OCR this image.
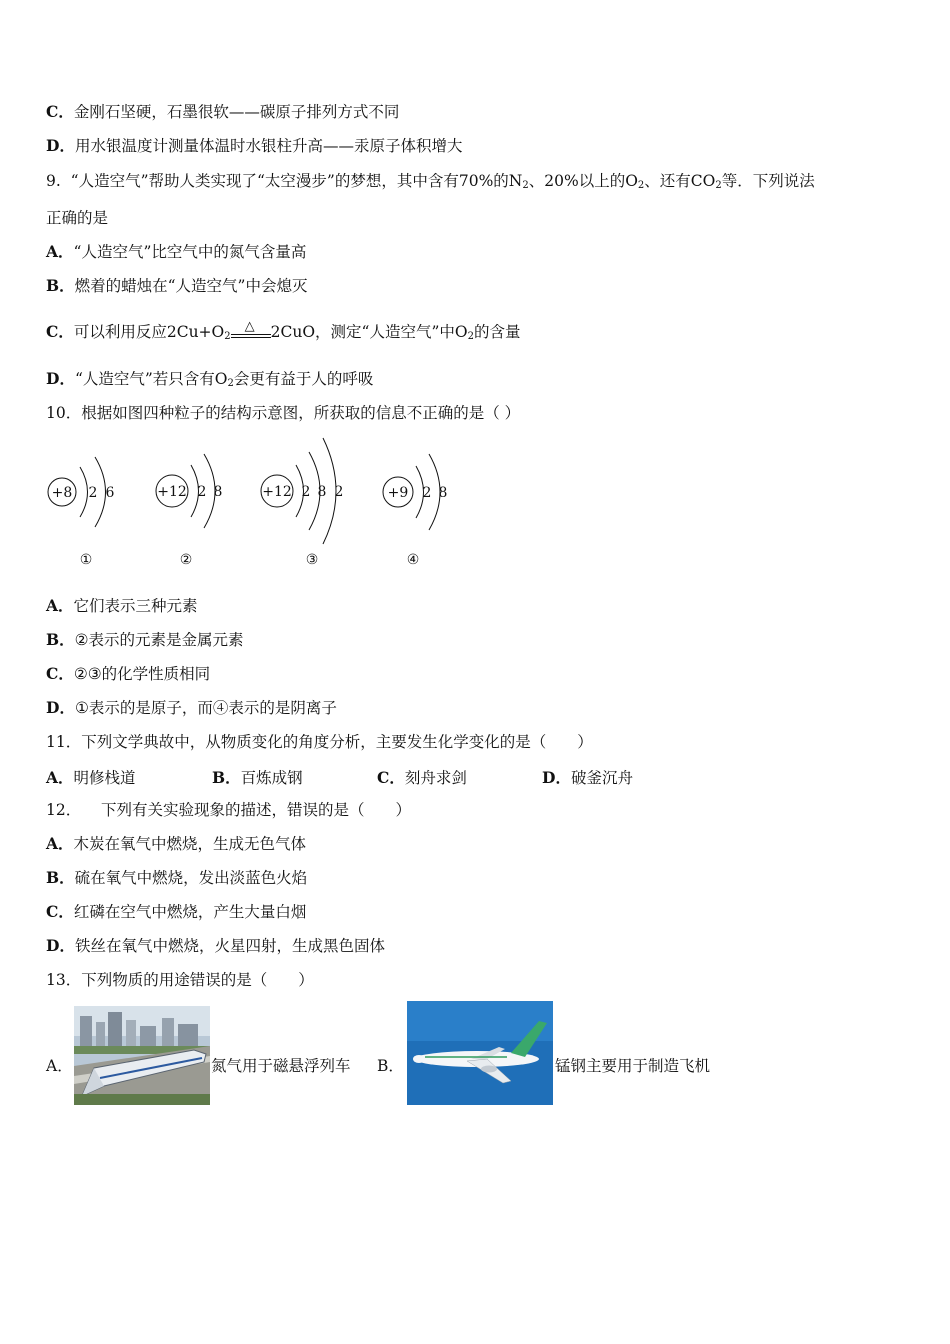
C．金刚石坚硬，石墨很软——碳原子排列方式不同
D．用水银温度计测量体温时水银柱升高——汞原子体积增大
9. “人造空气”帮助人类实现了“太空漫步”的梦想，其中含有70%的$N_2$、20%以上的$O_2$、还有$CO_2$等．下列说法
正确的是
A．“人造空气”比空气中的氮气含量高
B．燃着的蜡烛在“人造空气”中会熄灭
C．可以利用反应$2Cu+O_2$
△ 2CuO，测定“人造空气”中$O_2$的含量
D．“人造空气”若只含有$O_2$会更有益于人的呼吸
10．根据如图四种粒子的结构示意图，所获取的信息不正确的是（ ）
+8 2 6
①
+12 2 8
②
+12 2 8 2
③
+9 2 8
④
A．它们表示三种元素
B．②表示的元素是金属元素
C．②③的化学性质相同
D．①表示的是原子，而④表示的是阴离子
11．下列文学典故中，从物质变化的角度分析，主要发生化学变化的是（　　）
A．明修栈道	B．百炼成钢	C．刻舟求剑	D．破釜沉舟
12． 下列有关实验现象的描述，错误的是（　　）
A．木炭在氧气中燃烧，生成无色气体
B．硫在氧气中燃烧，发出淡蓝色火焰
C．红磷在空气中燃烧，产生大量白烟
D．铁丝在氧气中燃烧，火星四射，生成黑色固体
13．下列物质的用途错误的是（　　）
A．	氮气用于磁悬浮列车 B．	锰钢主要用于制造飞机
